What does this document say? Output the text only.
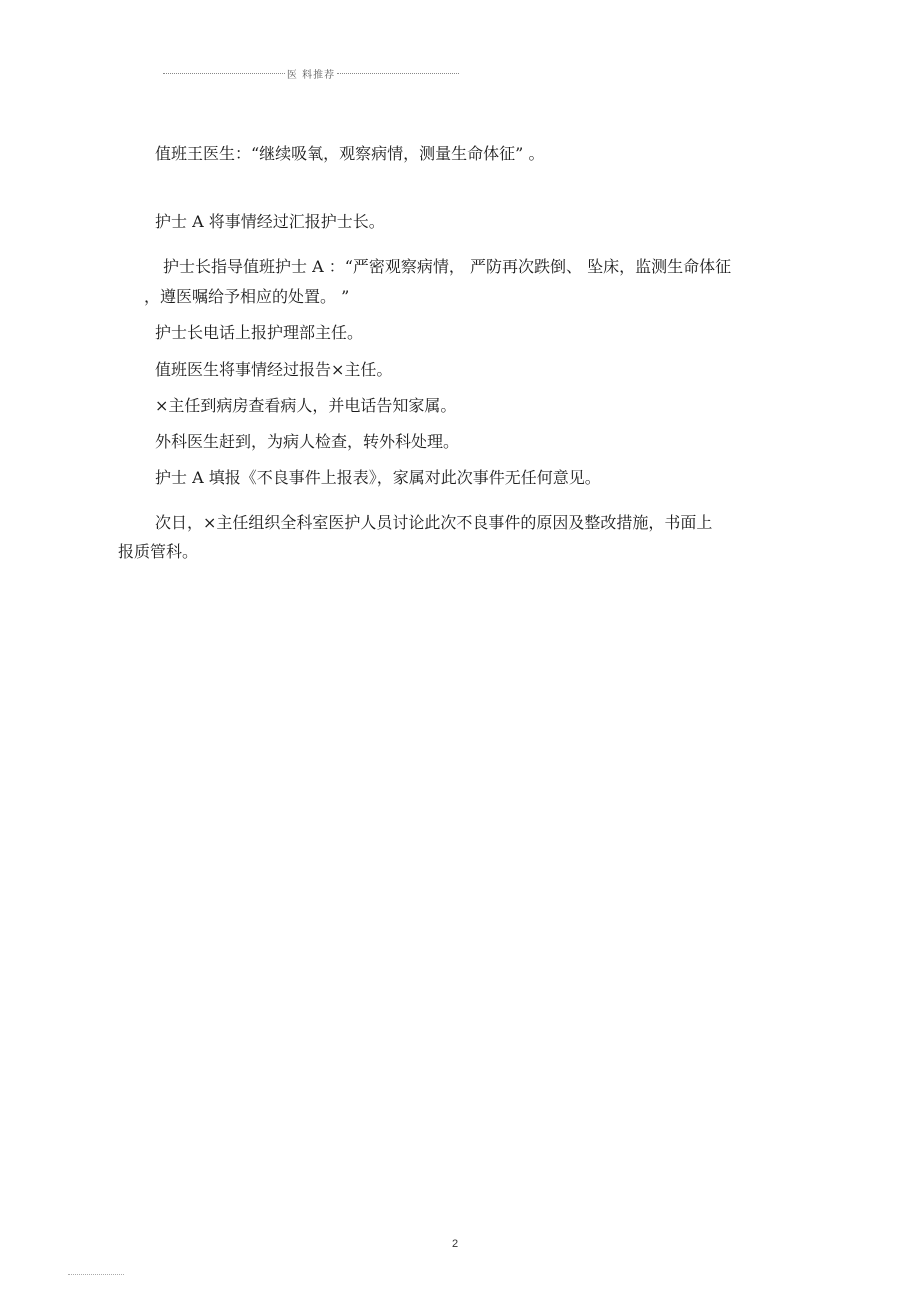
医 料推荐
值班王医生：“继续吸氧，观察病情，测量生命体征” 。
护士 A 将事情经过汇报护士长。
护士长指导值班护士 A ：“严密观察病情， 严防再次跌倒、 坠床，监测生命体征
，遵医嘱给予相应的处置。 ”
护士长电话上报护理部主任。
值班医生将事情经过报告×主任。
×主任到病房查看病人，并电话告知家属。
外科医生赶到，为病人检查，转外科处理。
护士 A 填报《不良事件上报表》，家属对此次事件无任何意见。
次日，×主任组织全科室医护人员讨论此次不良事件的原因及整改措施，书面上
报质管科。
2
